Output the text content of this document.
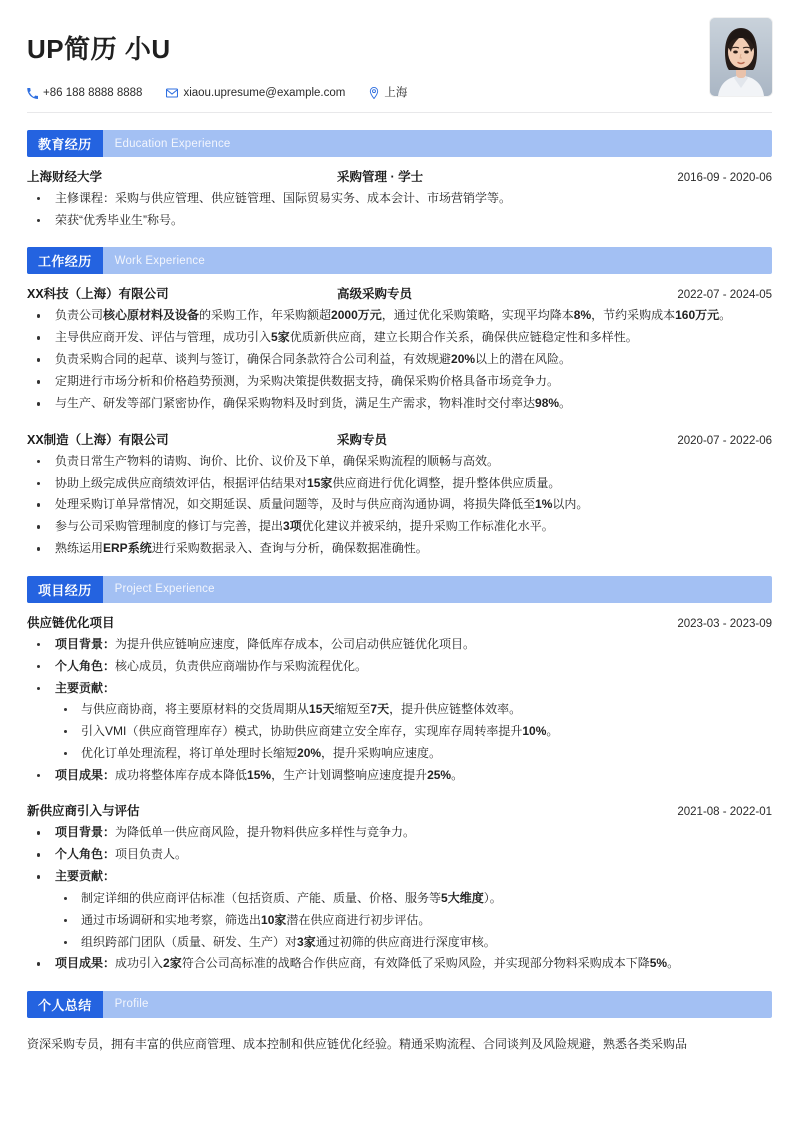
UP简历 小U
+86 188 8888 8888	xiaou.upresume@example.com	上海
教育经历	Education Experience
上海财经大学	采购管理 · 学士	2016-09 - 2020-06
主修课程：采购与供应管理、供应链管理、国际贸易实务、成本会计、市场营销学等。
荣获“优秀毕业生”称号。
工作经历	Work Experience
XX科技（上海）有限公司	高级采购专员	2022-07 - 2024-05
负责公司核心原材料及设备的采购工作，年采购额超2000万元，通过优化采购策略，实现平均降本8%，节约采购成本160万元。
主导供应商开发、评估与管理，成功引入5家优质新供应商，建立长期合作关系，确保供应链稳定性和多样性。
负责采购合同的起草、谈判与签订，确保合同条款符合公司利益，有效规避20%以上的潜在风险。
定期进行市场分析和价格趋势预测，为采购决策提供数据支持，确保采购价格具备市场竞争力。
与生产、研发等部门紧密协作，确保采购物料及时到货，满足生产需求，物料准时交付率达98%。
XX制造（上海）有限公司	采购专员	2020-07 - 2022-06
负责日常生产物料的请购、询价、比价、议价及下单，确保采购流程的顺畅与高效。
协助上级完成供应商绩效评估，根据评估结果对15家供应商进行优化调整，提升整体供应质量。
处理采购订单异常情况，如交期延误、质量问题等，及时与供应商沟通协调，将损失降低至1%以内。
参与公司采购管理制度的修订与完善，提出3项优化建议并被采纳，提升采购工作标准化水平。
熟练运用ERP系统进行采购数据录入、查询与分析，确保数据准确性。
项目经历	Project Experience
供应链优化项目	2023-03 - 2023-09
项目背景：为提升供应链响应速度，降低库存成本，公司启动供应链优化项目。
个人角色：核心成员，负责供应商端协作与采购流程优化。
主要贡献：
与供应商协商，将主要原材料的交货周期从15天缩短至7天，提升供应链整体效率。
引入VMI（供应商管理库存）模式，协助供应商建立安全库存，实现库存周转率提升10%。
优化订单处理流程，将订单处理时长缩短20%，提升采购响应速度。
项目成果：成功将整体库存成本降低15%，生产计划调整响应速度提升25%。
新供应商引入与评估	2021-08 - 2022-01
项目背景：为降低单一供应商风险，提升物料供应多样性与竞争力。
个人角色：项目负责人。
主要贡献：
制定详细的供应商评估标准（包括资质、产能、质量、价格、服务等5大维度）。
通过市场调研和实地考察，筛选出10家潜在供应商进行初步评估。
组织跨部门团队（质量、研发、生产）对3家通过初筛的供应商进行深度审核。
项目成果：成功引入2家符合公司高标准的战略合作供应商，有效降低了采购风险，并实现部分物料采购成本下降5%。
个人总结	Profile
资深采购专员，拥有丰富的供应商管理、成本控制和供应链优化经验。精通采购流程、合同谈判及风险规避，熟悉各类采购品
